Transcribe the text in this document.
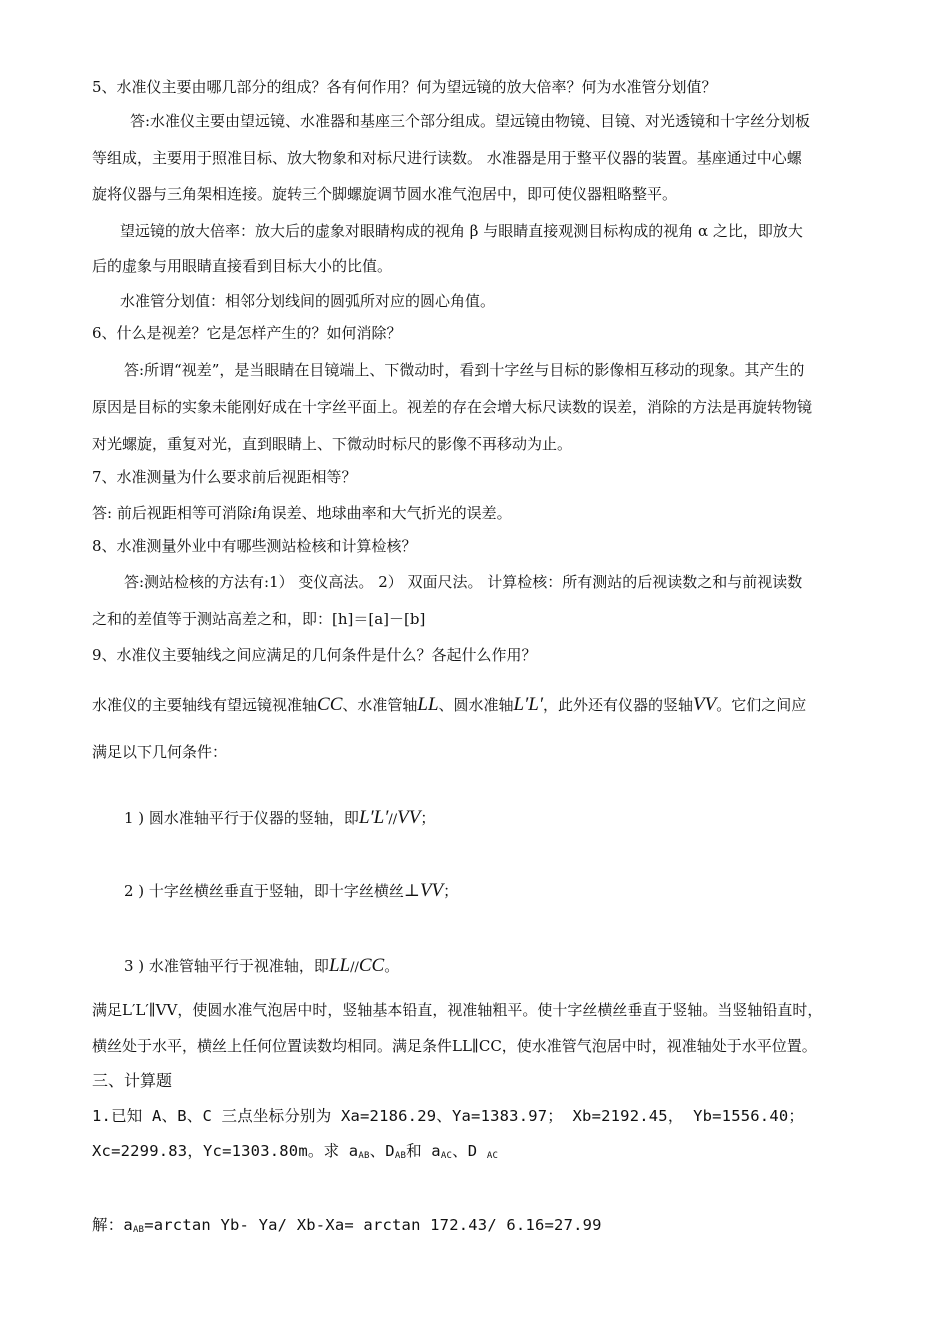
5、水准仪主要由哪几部分的组成？各有何作用？何为望远镜的放大倍率？何为水准管分划值？
答:水准仪主要由望远镜、水准器和基座三个部分组成。望远镜由物镜、目镜、对光透镜和十字丝分划板
等组成，主要用于照准目标、放大物象和对标尺进行读数。 水准器是用于整平仪器的装置。基座通过中心螺
旋将仪器与三角架相连接。旋转三个脚螺旋调节圆水准气泡居中，即可使仪器粗略整平。
望远镜的放大倍率：放大后的虚象对眼睛构成的视角 β 与眼睛直接观测目标构成的视角 α 之比，即放大
后的虚象与用眼睛直接看到目标大小的比值。
水准管分划值：相邻分划线间的圆弧所对应的圆心角值。
6、什么是视差？它是怎样产生的？如何消除？
答:所谓“视差”，是当眼睛在目镜端上、下微动时，看到十字丝与目标的影像相互移动的现象。其产生的
原因是目标的实象未能刚好成在十字丝平面上。视差的存在会增大标尺读数的误差，消除的方法是再旋转物镜
对光螺旋，重复对光，直到眼睛上、下微动时标尺的影像不再移动为止。
7、水准测量为什么要求前后视距相等？
答: 前后视距相等可消除i角误差、地球曲率和大气折光的误差。
8、水准测量外业中有哪些测站检核和计算检核？
答:测站检核的方法有:1） 变仪高法。 2） 双面尺法。 计算检核：所有测站的后视读数之和与前视读数
之和的差值等于测站高差之和，即：[h]＝[a]－[b]
9、水准仪主要轴线之间应满足的几何条件是什么？各起什么作用？
水准仪的主要轴线有望远镜视准轴CC、水准管轴LL、圆水准轴L′L′，此外还有仪器的竖轴VV。它们之间应
满足以下几何条件：
1 ) 圆水准轴平行于仪器的竖轴，即L′L′//VV；
2 ) 十字丝横丝垂直于竖轴，即十字丝横丝⊥VV；
3 ) 水准管轴平行于视准轴，即LL//CC。
满足L′L′∥VV，使圆水准气泡居中时，竖轴基本铅直，视准轴粗平。使十字丝横丝垂直于竖轴。当竖轴铅直时，
横丝处于水平，横丝上任何位置读数均相同。满足条件LL∥CC，使水准管气泡居中时，视准轴处于水平位置。
三、计算题
1.已知 A、B、C 三点坐标分别为 Xa=2186.29、Ya=1383.97； Xb=2192.45， Yb=1556.40；
Xc=2299.83，Yc=1303.80m。求 $a_{AB}$、$D_{AB}$和 $a_{AC}$、D $_{AC}$
解：$a_{AB}=\arctan$ Yb- Ya/ Xb-Xa= arctan 172.43/ 6.16=27.99
